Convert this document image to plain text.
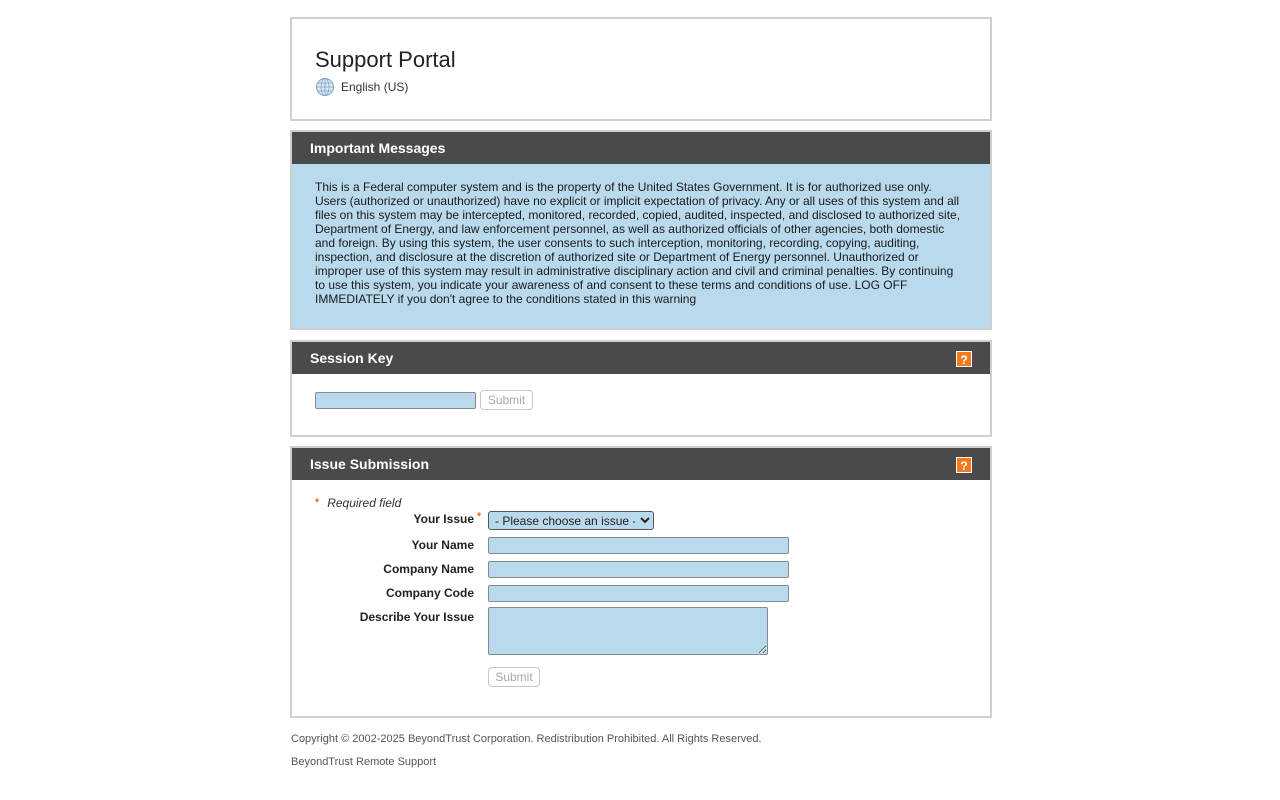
Support Portal
English (US)
Important Messages
This is a Federal computer system and is the property of the United States Government. It is for authorized use only. Users (authorized or unauthorized) have no explicit or implicit expectation of privacy. Any or all uses of this system and all files on this system may be intercepted, monitored, recorded, copied, audited, inspected, and disclosed to authorized site, Department of Energy, and law enforcement personnel, as well as authorized officials of other agencies, both domestic and foreign. By using this system, the user consents to such interception, monitoring, recording, copying, auditing, inspection, and disclosure at the discretion of authorized site or Department of Energy personnel. Unauthorized or improper use of this system may result in administrative disciplinary action and civil and criminal penalties. By continuing to use this system, you indicate your awareness of and consent to these terms and conditions of use. LOG OFF IMMEDIATELY if you don't agree to the conditions stated in this warning
Session Key	?
Submit
Issue Submission	?
• Required field
Your Issue •
- Please choose an issue -
Your Name
Company Name
Company Code
Describe Your Issue
Submit
Copyright © 2002-2025 BeyondTrust Corporation. Redistribution Prohibited. All Rights Reserved.
BeyondTrust Remote Support
